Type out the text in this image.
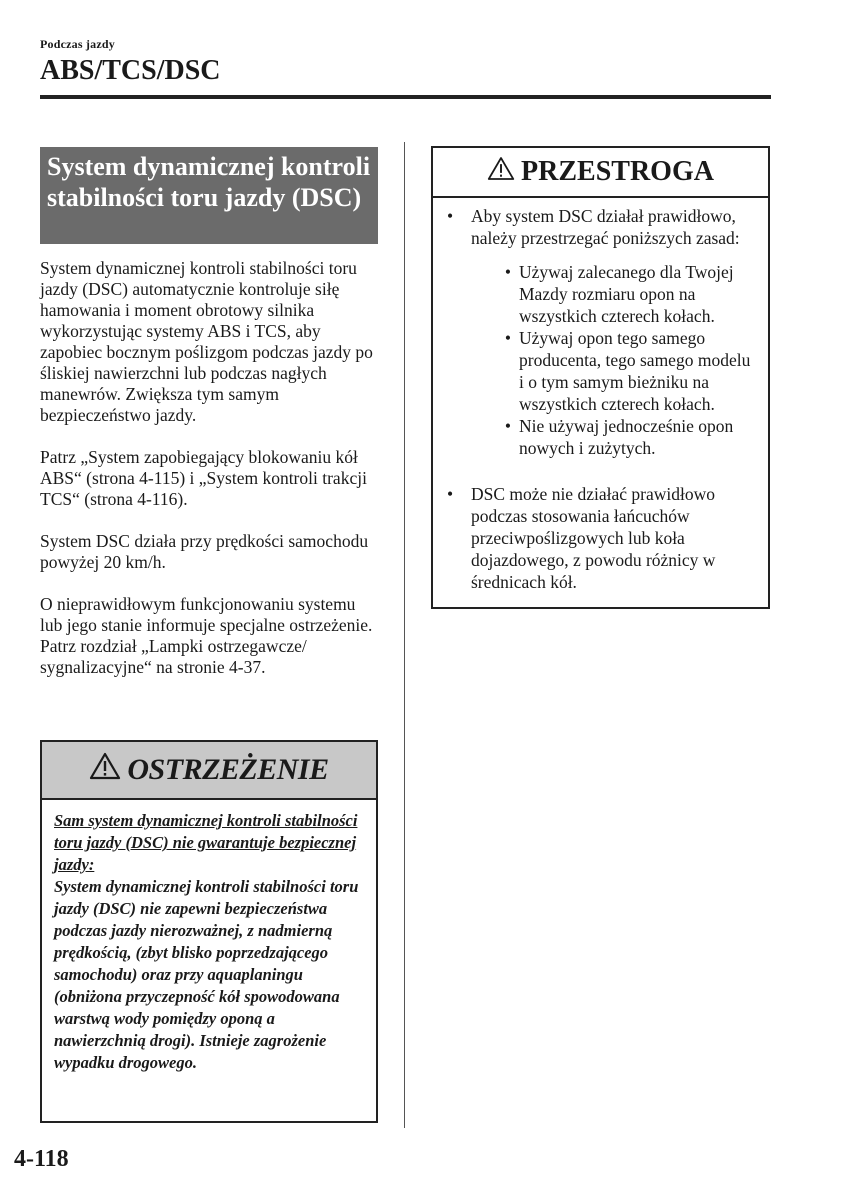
Podczas jazdy
ABS/TCS/DSC
System dynamicznej kontroli stabilności toru jazdy (DSC)

System dynamicznej kontroli stabilności toru jazdy (DSC) automatycznie kontroluje siłę hamowania i moment obrotowy silnika wykorzystując systemy ABS i TCS, aby zapobiec bocznym poślizgom podczas jazdy po śliskiej nawierzchni lub podczas nagłych manewrów. Zwiększa tym samym bezpieczeństwo jazdy.

Patrz „System zapobiegający blokowaniu kół ABS“ (strona 4-115) i „System kontroli trakcji TCS“ (strona 4-116).

System DSC działa przy prędkości samochodu powyżej 20 km/h.

O nieprawidłowym funkcjonowaniu systemu lub jego stanie informuje specjalne ostrzeżenie.

Patrz rozdział „Lampki ostrzegawcze/ sygnalizacyjne“ na stronie 4-37.

OSTRZEŻENIE
Sam system dynamicznej kontroli stabilności toru jazdy (DSC) nie gwarantuje bezpiecznej jazdy:
System dynamicznej kontroli stabilności toru jazdy (DSC) nie zapewni bezpieczeństwa podczas jazdy nierozważnej, z nadmierną prędkością, (zbyt blisko poprzedzającego samochodu) oraz przy aquaplaningu (obniżona przyczepność kół spowodowana warstwą wody pomiędzy oponą a nawierzchnią drogi). Istnieje zagrożenie wypadku drogowego.
PRZESTROGA
•	Aby system DSC działał prawidłowo, należy przestrzegać poniższych zasad:
• Używaj zalecanego dla Twojej Mazdy rozmiaru opon na wszystkich czterech kołach.
• Używaj opon tego samego producenta, tego samego modelu i o tym samym bieżniku na wszystkich czterech kołach.
• Nie używaj jednocześnie opon nowych i zużytych.
•	DSC może nie działać prawidłowo podczas stosowania łańcuchów przeciwpoślizgowych lub koła dojazdowego, z powodu różnicy w średnicach kół.
4-118
